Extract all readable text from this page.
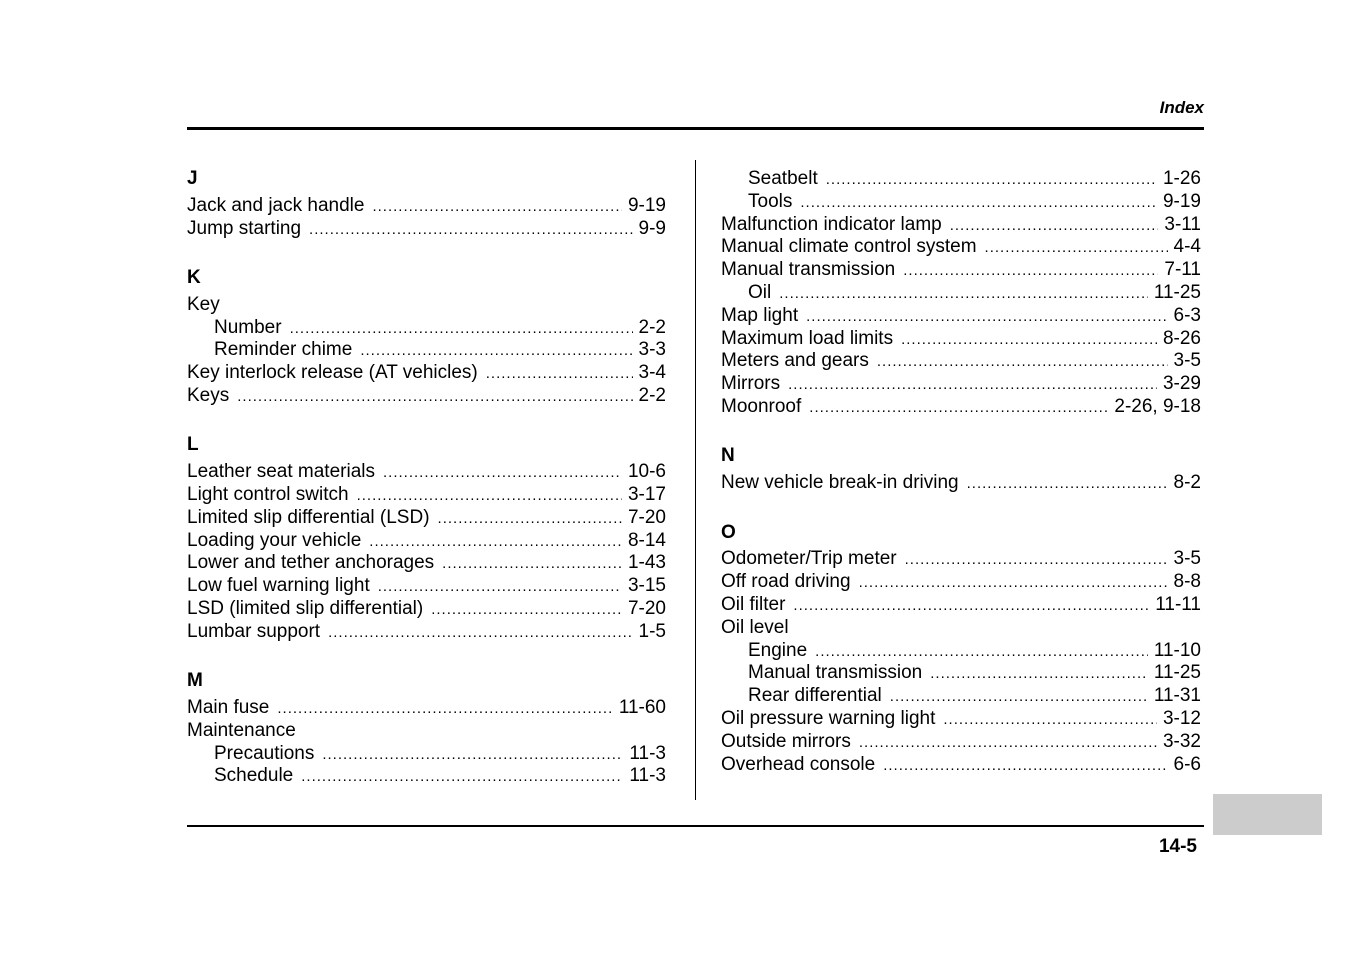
Index
J
Jack and jack handle .....	9-19
Jump starting .....	9-9
K
Key
Number .....	2-2
Reminder chime .....	3-3
Key interlock release (AT vehicles) .....	3-4
Keys .....	2-2
L
Leather seat materials .....	10-6
Light control switch .....	3-17
Limited slip differential (LSD) .....	7-20
Loading your vehicle .....	8-14
Lower and tether anchorages .....	1-43
Low fuel warning light .....	3-15
LSD (limited slip differential) .....	7-20
Lumbar support .....	1-5
M
Main fuse .....	11-60
Maintenance
Precautions .....	11-3
Schedule .....	11-3
Seatbelt .....	1-26
Tools .....	9-19
Malfunction indicator lamp .....	3-11
Manual climate control system .....	4-4
Manual transmission .....	7-11
Oil .....	11-25
Map light .....	6-3
Maximum load limits .....	8-26
Meters and gears .....	3-5
Mirrors .....	3-29
Moonroof .....	2-26, 9-18
N
New vehicle break-in driving .....	8-2
O
Odometer/Trip meter .....	3-5
Off road driving .....	8-8
Oil filter .....	11-11
Oil level
Engine .....	11-10
Manual transmission .....	11-25
Rear differential .....	11-31
Oil pressure warning light .....	3-12
Outside mirrors .....	3-32
Overhead console .....	6-6
14-5
